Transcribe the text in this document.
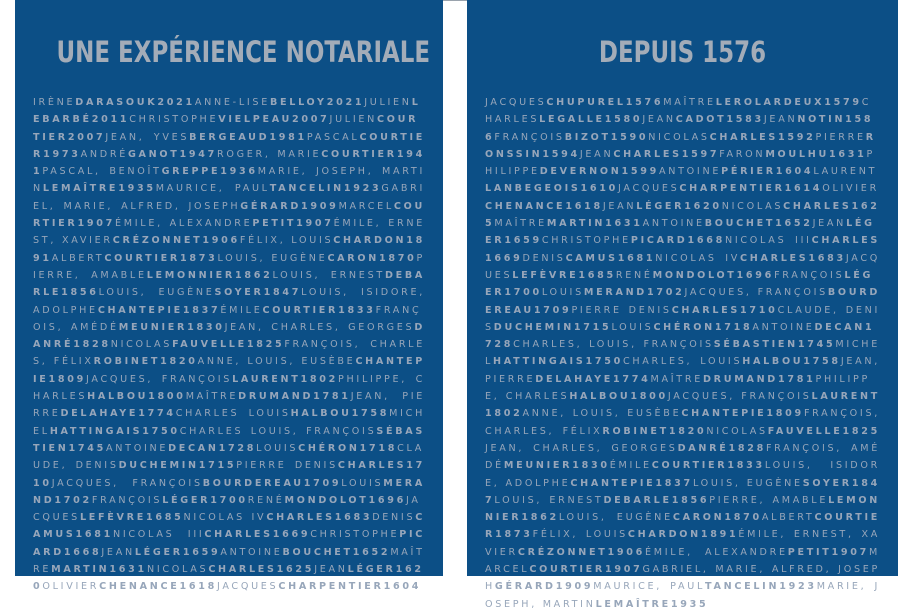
UNE EXPÉRIENCE NOTARIALE
IRÈNEDARASOUK2021ANNE-LISEBELLOY2021JULIENLEBARBÉ2011CHRISTOPHEVIELPEAU2007JULIENCOURTIER2007JEAN, YVESBERGEAUD1981PASCALCOURTIER1973ANDRÉGANOT1947ROGER, MARIECOURTIER1941PASCAL, BENOÎTGREPPE1936MARIE, JOSEPH, MARTINLEMAÎTRE1935MAURICE, PAULTANCELIN1923GABRIEL, MARIE, ALFRED, JOSEPHGÉRARD1909MARCELCOURTIER1907ÉMILE, ALEXANDREPETIT1907ÉMILE, ERNEST, XAVIERCRÉZONNET1906FÉLIX, LOUISCHARDON1891ALBERTCOURTIER1873LOUIS, EUGÈNECARON1870PIERRE, AMABLELEMONNIER1862LOUIS, ERNESTDEBARLE1856LOUIS, EUGÈNESOYER1847LOUIS, ISIDORE, ADOLPHECHANTEPIE1837ÉMILECOURTIER1833FRANÇOIS, AMÉDÉMEUNIER1830JEAN, CHARLES, GEORGESDANRÉ1828NICOLASFAUVELLE1825FRANÇOIS, CHARLES, FÉLIXROBINET1820ANNE, LOUIS, EUSÈBECHANTEPIE1809JACQUES, FRANÇOISLAURENT1802PHILIPPE, CHARLESHALBOU1800MAÎTREDRUMAND1781JEAN, PIERREDELAHAYE1774CHARLES LOUISHALBOU1758MICHELHATTINGAIS1750CHARLES LOUIS, FRANÇOISSÉBASTIEN1745ANTOINEDECAN1728LOUISCHÉRON1718CLAUDE, DENISDUCHEMIN1715PIERRE DENISCHARLES1710JACQUES, FRANÇOISBOURDEREAU1709LOUISMERAND1702FRANÇOISLÉGER1700RENÉMONDOLOT1696JACQUESLEFÈVRE1685NICOLAS IVCHARLES1683DENISCAMUS1681NICOLAS IIICHARLES1669CHRISTOPHEPICARD1668JEANLÉGER1659ANTOINEBOUCHET1652MAÎTREMARTIN1631NICOLASCHARLES1625JEANLÉGER1620OLIVIERCHENANCE1618JACQUESCHARPENTIER1604
DEPUIS 1576
JACQUESCHUPUREL1576MAÎTRELEROLARDEUX1579CHARLESLEGALLE1580JEANCADOT1583JEANNOTIN1586FRANÇOISBIZOT1590NICOLASCHARLES1592PIERRERONSSIN1594JEANCHARLES1597FARONMOULHU1631PHILIPPEDEVERNON1599ANTOINEPÉRIER1604LAURENTLANBEGEOIS1610JACQUESCHARPENTIER1614OLIVIERCHENANCE1618JEANLÉGER1620NICOLASCHARLES1625MAÎTREMARTIN1631ANTOINEBOUCHET1652JEANLÉGER1659CHRISTOPHEPICARD1668NICOLAS IIICHARLES1669DENISCAMUS1681NICOLAS IVCHARLES1683JACQUESLEFÈVRE1685RENÉMONDOLOT1696FRANÇOISLÉGER1700LOUISMERAND1702JACQUES, FRANÇOISBOURDEREAU1709PIERRE DENISCHARLES1710CLAUDE, DENISDUCHEMIN1715LOUISCHÉRON1718ANTOINEDECAN1728CHARLES, LOUIS, FRANÇOISSÉBASTIEN1745MICHELHATTINGAIS1750CHARLES, LOUISHALBOU1758JEAN, PIERREDELAHAYE1774MAÎTREDRUMAND1781PHILIPPE, CHARLESHALBOU1800JACQUES, FRANÇOISLAURENT1802ANNE, LOUIS, EUSÈBECHANTEPIE1809FRANÇOIS, CHARLES, FÉLIXROBINET1820NICOLASFAUVELLE1825JEAN, CHARLES, GEORGESDANRÉ1828FRANÇOIS, AMÉDÉMEUNIER1830ÉMILECOURTIER1833LOUIS, ISIDORE, ADOLPHECHANTEPIE1837LOUIS, EUGÈNESOYER1847LOUIS, ERNESTDEBARLE1856PIERRE, AMABLELEMONNIER1862LOUIS, EUGÈNECARON1870ALBERTCOURTIER1873FÉLIX, LOUISCHARDON1891ÉMILE, ERNEST, XAVIERCRÉZONNET1906ÉMILE, ALEXANDREPETIT1907MARCELCOURTIER1907GABRIEL, MARIE, ALFRED, JOSEPHGÉRARD1909MAURICE, PAULTANCELIN1923MARIE, JOSEPH, MARTINLEMAÎTRE1935
